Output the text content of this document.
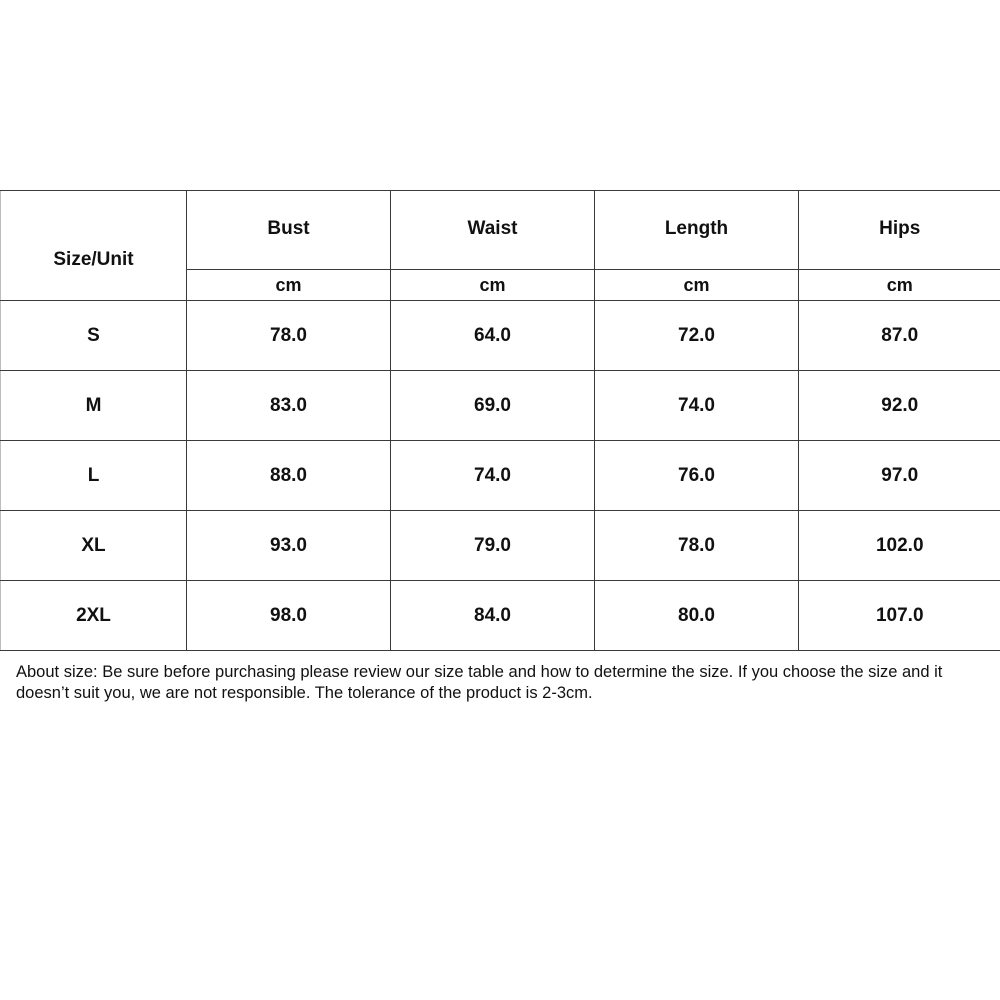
Size/Unit	Bust	Waist	Length	Hips
	cm	cm	cm	cm
S	78.0	64.0	72.0	87.0
M	83.0	69.0	74.0	92.0
L	88.0	74.0	76.0	97.0
XL	93.0	79.0	78.0	102.0
2XL	98.0	84.0	80.0	107.0
About size: Be sure before purchasing please review our size table and how to determine the size. If you choose the size and it doesn’t suit you, we are not responsible. The tolerance of the product is 2-3cm.
